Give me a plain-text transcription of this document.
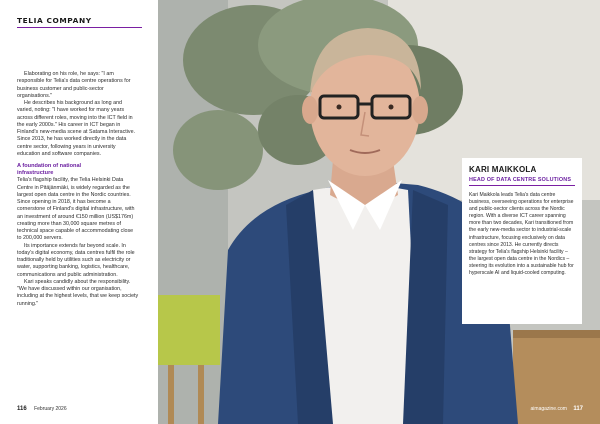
TELIA COMPANY

Elaborating on his role, he says: "I am responsible for Telia's data centre operations for business customer and public-sector organisations."

He describes his background as long and varied, noting: "I have worked for many years across different roles, moving into the ICT field in the early 2000s." His career in ICT began in Finland's new-media scene at Satama Interactive. Since 2013, he has worked directly in the data centre sector, following years in university education and software companies.

A foundation of national infrastructure

Telia's flagship facility, the Telia Helsinki Data Centre in Pitäjänmäki, is widely regarded as the largest open data centre in the Nordic countries. Since opening in 2018, it has become a cornerstone of Finland's digital infrastructure, with an investment of around €150 million (US$176m) creating more than 30,000 square metres of technical space capable of accommodating close to 200,000 servers.

Its importance extends far beyond scale. In today's digital economy, data centres fulfil the role traditionally held by utilities such as electricity or water, supporting banking, logistics, healthcare, communications and public administration.

Kari speaks candidly about the responsibility. "We have discussed within our organisation, including at the highest levels, that we keep society running."

116 February 2026
KARI MAIKKOLA
HEAD OF DATA CENTRE SOLUTIONS
Kari Maikkola leads Telia's data centre business, overseeing operations for enterprise and public-sector clients across the Nordic region. With a diverse ICT career spanning more than two decades, Kari transitioned from the early new-media sector to industrial-scale infrastructure, focusing exclusively on data centres since 2013. He currently directs strategy for Telia's flagship Helsinki facility – the largest open data centre in the Nordics – steering its evolution into a sustainable hub for hyperscale AI and liquid-cooled computing.
aimagazine.com 117
